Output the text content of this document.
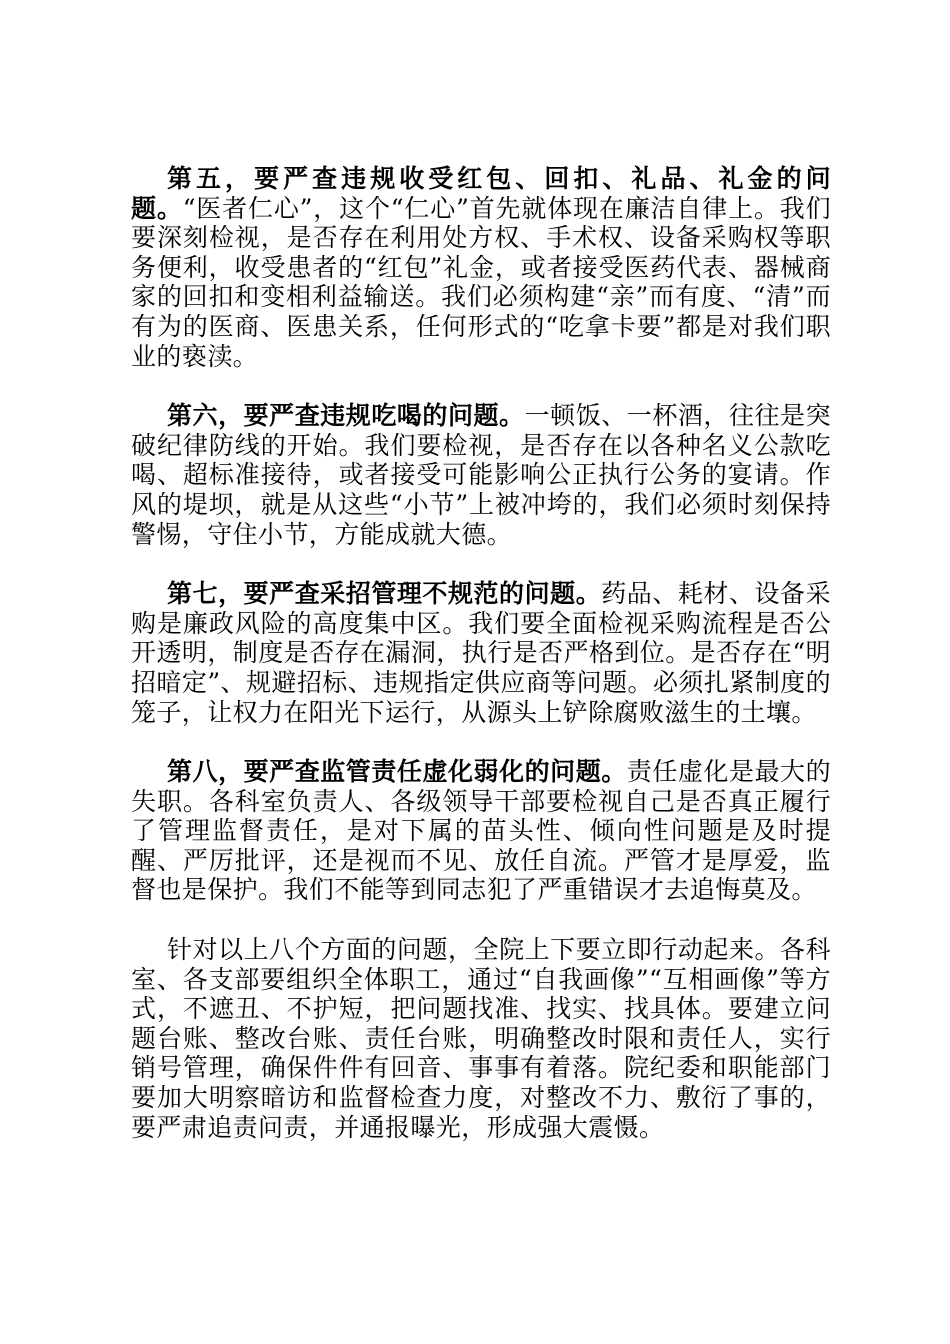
第五，要严查违规收受红包、回扣、礼品、礼金的问题。“医者仁心”，这个“仁心”首先就体现在廉洁自律上。我们要深刻检视，是否存在利用处方权、手术权、设备采购权等职务便利，收受患者的“红包”礼金，或者接受医药代表、器械商家的回扣和变相利益输送。我们必须构建“亲”而有度、“清”而有为的医商、医患关系，任何形式的“吃拿卡要”都是对我们职业的亵渎。

第六，要严查违规吃喝的问题。一顿饭、一杯酒，往往是突破纪律防线的开始。我们要检视，是否存在以各种名义公款吃喝、超标准接待，或者接受可能影响公正执行公务的宴请。作风的堤坝，就是从这些“小节”上被冲垮的，我们必须时刻保持警惕，守住小节，方能成就大德。

第七，要严查采招管理不规范的问题。药品、耗材、设备采购是廉政风险的高度集中区。我们要全面检视采购流程是否公开透明，制度是否存在漏洞，执行是否严格到位。是否存在“明招暗定”、规避招标、违规指定供应商等问题。必须扎紧制度的笼子，让权力在阳光下运行，从源头上铲除腐败滋生的土壤。

第八，要严查监管责任虚化弱化的问题。责任虚化是最大的失职。各科室负责人、各级领导干部要检视自己是否真正履行了管理监督责任，是对下属的苗头性、倾向性问题是及时提醒、严厉批评，还是视而不见、放任自流。严管才是厚爱，监督也是保护。我们不能等到同志犯了严重错误才去追悔莫及。

针对以上八个方面的问题，全院上下要立即行动起来。各科室、各支部要组织全体职工，通过“自我画像”“互相画像”等方式，不遮丑、不护短，把问题找准、找实、找具体。要建立问题台账、整改台账、责任台账，明确整改时限和责任人，实行销号管理，确保件件有回音、事事有着落。院纪委和职能部门要加大明察暗访和监督检查力度，对整改不力、敷衍了事的，要严肃追责问责，并通报曝光，形成强大震慑。
